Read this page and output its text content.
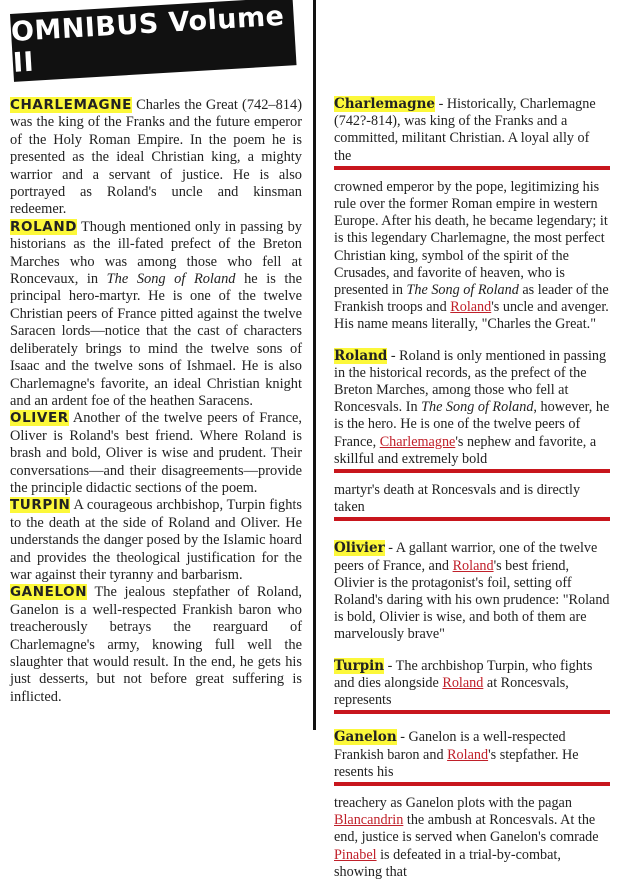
OMNIBUS Volume II

CHARLEMAGNE Charles the Great (742–814) was the king of the Franks and the future emperor of the Holy Roman Empire. In the poem he is presented as the ideal Christian king, a mighty warrior and a servant of justice. He is also portrayed as Roland's uncle and kinsman redeemer.

ROLAND Though mentioned only in passing by historians as the ill-fated prefect of the Breton Marches who was among those who fell at Roncevaux, in The Song of Roland he is the principal hero-martyr. He is one of the twelve Christian peers of France pitted against the twelve Saracen lords—notice that the cast of characters deliberately brings to mind the twelve sons of Isaac and the twelve sons of Ishmael. He is also Charlemagne's favorite, an ideal Christian knight and an ardent foe of the heathen Saracens.

OLIVER Another of the twelve peers of France, Oliver is Roland's best friend. Where Roland is brash and bold, Oliver is wise and prudent. Their conversations—and their disagreements—provide the principle didactic sections of the poem.

TURPIN A courageous archbishop, Turpin fights to the death at the side of Roland and Oliver. He understands the danger posed by the Islamic hoard and provides the theological justification for the war against their tyranny and barbarism.

GANELON The jealous stepfather of Roland, Ganelon is a well-respected Frankish baron who treacherously betrays the rearguard of Charlemagne's army, knowing full well the slaughter that would result. In the end, he gets his just desserts, but not before great suffering is inflicted.

Charlemagne - Historically, Charlemagne (742?-814), was king of the Franks and a committed, militant Christian. A loyal ally of the

crowned emperor by the pope, legitimizing his rule over the former Roman empire in western Europe. After his death, he became legendary; it is this legendary Charlemagne, the most perfect Christian king, symbol of the spirit of the Crusades, and favorite of heaven, who is presented in The Song of Roland as leader of the Frankish troops and Roland's uncle and avenger. His name means literally, "Charles the Great."

Roland - Roland is only mentioned in passing in the historical records, as the prefect of the Breton Marches, among those who fell at Roncesvals. In The Song of Roland, however, he is the hero. He is one of the twelve peers of France, Charlemagne's nephew and favorite, a skillful and extremely bold

martyr's death at Roncesvals and is directly taken

Olivier - A gallant warrior, one of the twelve peers of France, and Roland's best friend, Olivier is the protagonist's foil, setting off Roland's daring with his own prudence: "Roland is bold, Olivier is wise, and both of them are marvelously brave"

Turpin - The archbishop Turpin, who fights and dies alongside Roland at Roncesvals, represents

Ganelon - Ganelon is a well-respected Frankish baron and Roland's stepfather. He resents his

treachery as Ganelon plots with the pagan Blancandrin the ambush at Roncesvals. At the end, justice is served when Ganelon's comrade Pinabel is defeated in a trial-by-combat, showing that
